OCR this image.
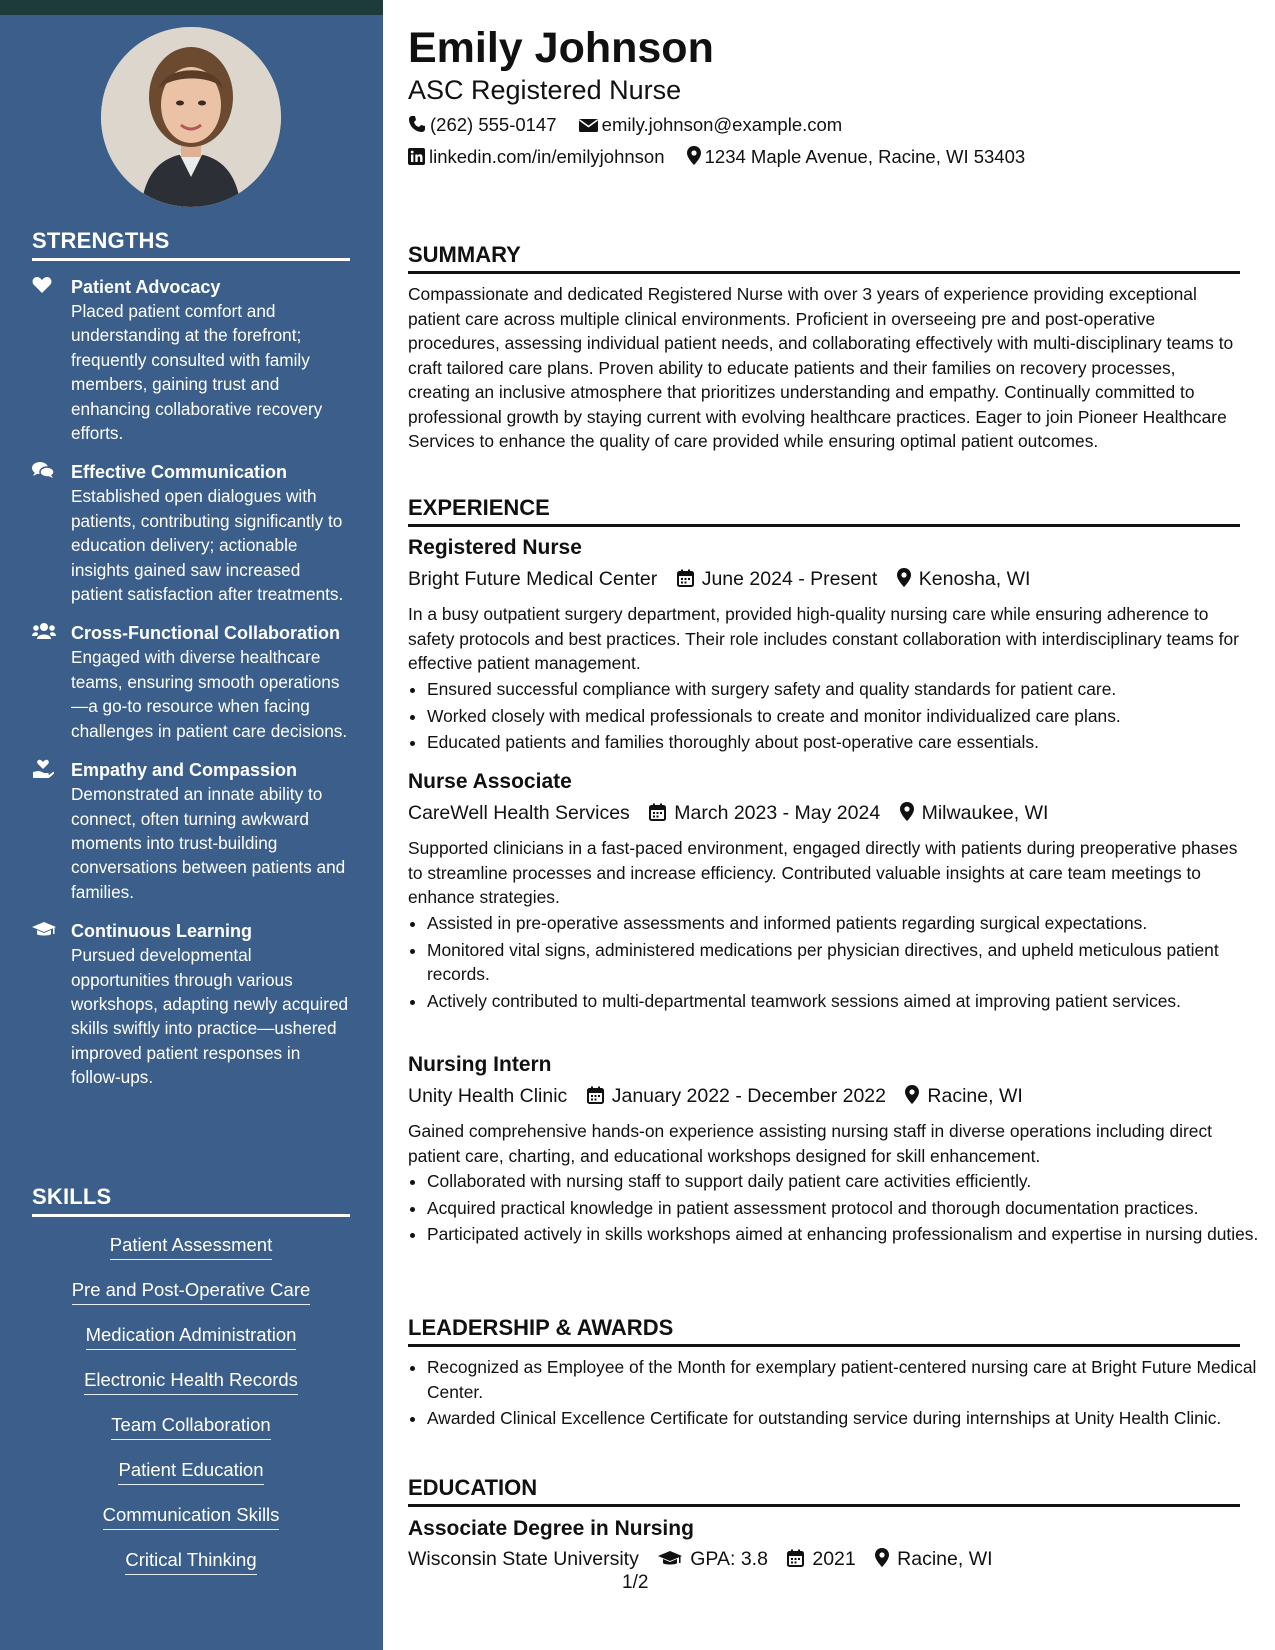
STRENGTHS
Patient Advocacy
Placed patient comfort and understanding at the forefront; frequently consulted with family members, gaining trust and enhancing collaborative recovery efforts.
Effective Communication
Established open dialogues with patients, contributing significantly to education delivery; actionable insights gained saw increased patient satisfaction after treatments.
Cross-Functional Collaboration
Engaged with diverse healthcare teams, ensuring smooth operations—a go-to resource when facing challenges in patient care decisions.
Empathy and Compassion
Demonstrated an innate ability to connect, often turning awkward moments into trust-building conversations between patients and families.
Continuous Learning
Pursued developmental opportunities through various workshops, adapting newly acquired skills swiftly into practice—ushered improved patient responses in follow-ups.
SKILLS
Patient Assessment
Pre and Post-Operative Care
Medication Administration
Electronic Health Records
Team Collaboration
Patient Education
Communication Skills
Critical Thinking
Emily Johnson
ASC Registered Nurse
(262) 555-0147 emily.johnson@example.com
linkedin.com/in/emilyjohnson 1234 Maple Avenue, Racine, WI 53403
SUMMARY
Compassionate and dedicated Registered Nurse with over 3 years of experience providing exceptional patient care across multiple clinical environments. Proficient in overseeing pre and post-operative procedures, assessing individual patient needs, and collaborating effectively with multi-disciplinary teams to craft tailored care plans. Proven ability to educate patients and their families on recovery processes, creating an inclusive atmosphere that prioritizes understanding and empathy. Continually committed to professional growth by staying current with evolving healthcare practices. Eager to join Pioneer Healthcare Services to enhance the quality of care provided while ensuring optimal patient outcomes.
EXPERIENCE
Registered Nurse
Bright Future Medical Center June 2024 - Present Kenosha, WI
In a busy outpatient surgery department, provided high-quality nursing care while ensuring adherence to safety protocols and best practices. Their role includes constant collaboration with interdisciplinary teams for effective patient management.
• Ensured successful compliance with surgery safety and quality standards for patient care.
• Worked closely with medical professionals to create and monitor individualized care plans.
• Educated patients and families thoroughly about post-operative care essentials.
Nurse Associate
CareWell Health Services March 2023 - May 2024 Milwaukee, WI
Supported clinicians in a fast-paced environment, engaged directly with patients during preoperative phases to streamline processes and increase efficiency. Contributed valuable insights at care team meetings to enhance strategies.
• Assisted in pre-operative assessments and informed patients regarding surgical expectations.
• Monitored vital signs, administered medications per physician directives, and upheld meticulous patient records.
• Actively contributed to multi-departmental teamwork sessions aimed at improving patient services.
Nursing Intern
Unity Health Clinic January 2022 - December 2022 Racine, WI
Gained comprehensive hands-on experience assisting nursing staff in diverse operations including direct patient care, charting, and educational workshops designed for skill enhancement.
• Collaborated with nursing staff to support daily patient care activities efficiently.
• Acquired practical knowledge in patient assessment protocol and thorough documentation practices.
• Participated actively in skills workshops aimed at enhancing professionalism and expertise in nursing duties.
LEADERSHIP & AWARDS
• Recognized as Employee of the Month for exemplary patient-centered nursing care at Bright Future Medical Center.
• Awarded Clinical Excellence Certificate for outstanding service during internships at Unity Health Clinic.
EDUCATION
Associate Degree in Nursing
Wisconsin State University	GPA: 3.8 2021 Racine, WI
1/2
